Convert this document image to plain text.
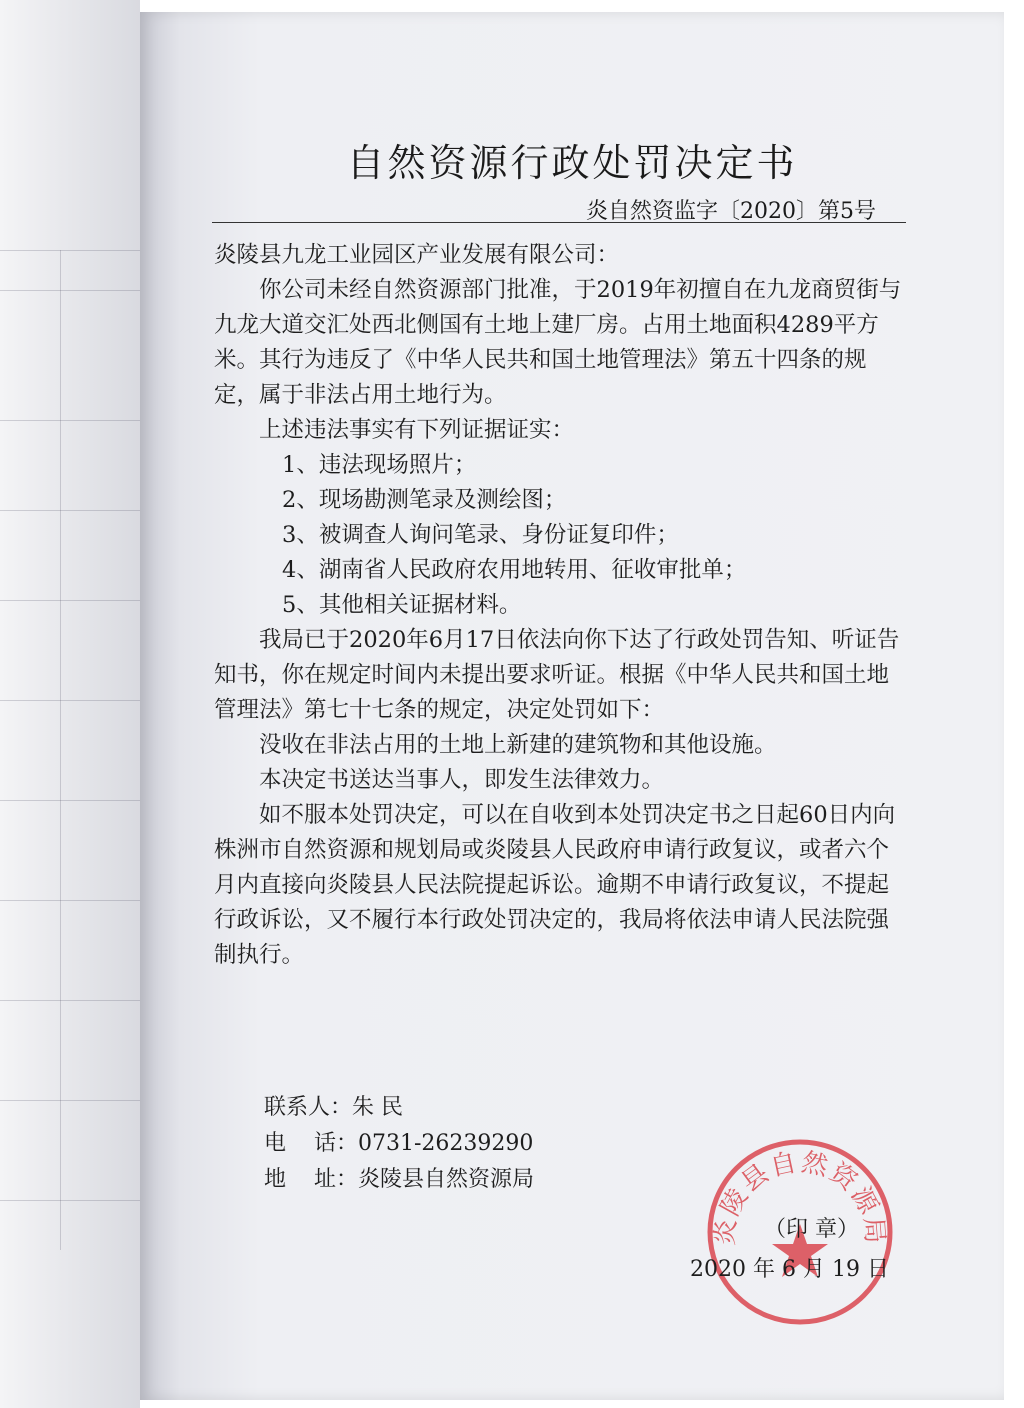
自然资源行政处罚决定书
炎自然资监字〔2020〕第5号

炎陵县九龙工业园区产业发展有限公司：

你公司未经自然资源部门批准，于2019年初擅自在九龙商贸街与九龙大道交汇处西北侧国有土地上建厂房。占用土地面积4289平方米。其行为违反了《中华人民共和国土地管理法》第五十四条的规定，属于非法占用土地行为。

上述违法事实有下列证据证实：

1、违法现场照片；

2、现场勘测笔录及测绘图；

3、被调查人询问笔录、身份证复印件；

4、湖南省人民政府农用地转用、征收审批单；

5、其他相关证据材料。

我局已于2020年6月17日依法向你下达了行政处罚告知、听证告知书，你在规定时间内未提出要求听证。根据《中华人民共和国土地管理法》第七十七条的规定，决定处罚如下：

没收在非法占用的土地上新建的建筑物和其他设施。

本决定书送达当事人，即发生法律效力。

如不服本处罚决定，可以在自收到本处罚决定书之日起60日内向株洲市自然资源和规划局或炎陵县人民政府申请行政复议，或者六个月内直接向炎陵县人民法院提起诉讼。逾期不申请行政复议，不提起行政诉讼，又不履行本行政处罚决定的，我局将依法申请人民法院强制执行。

联系人：朱 民
电    话：0731-26239290
地    址：炎陵县自然资源局
炎陵县自然资源局
（印 章）
2020 年 6 月 19 日
